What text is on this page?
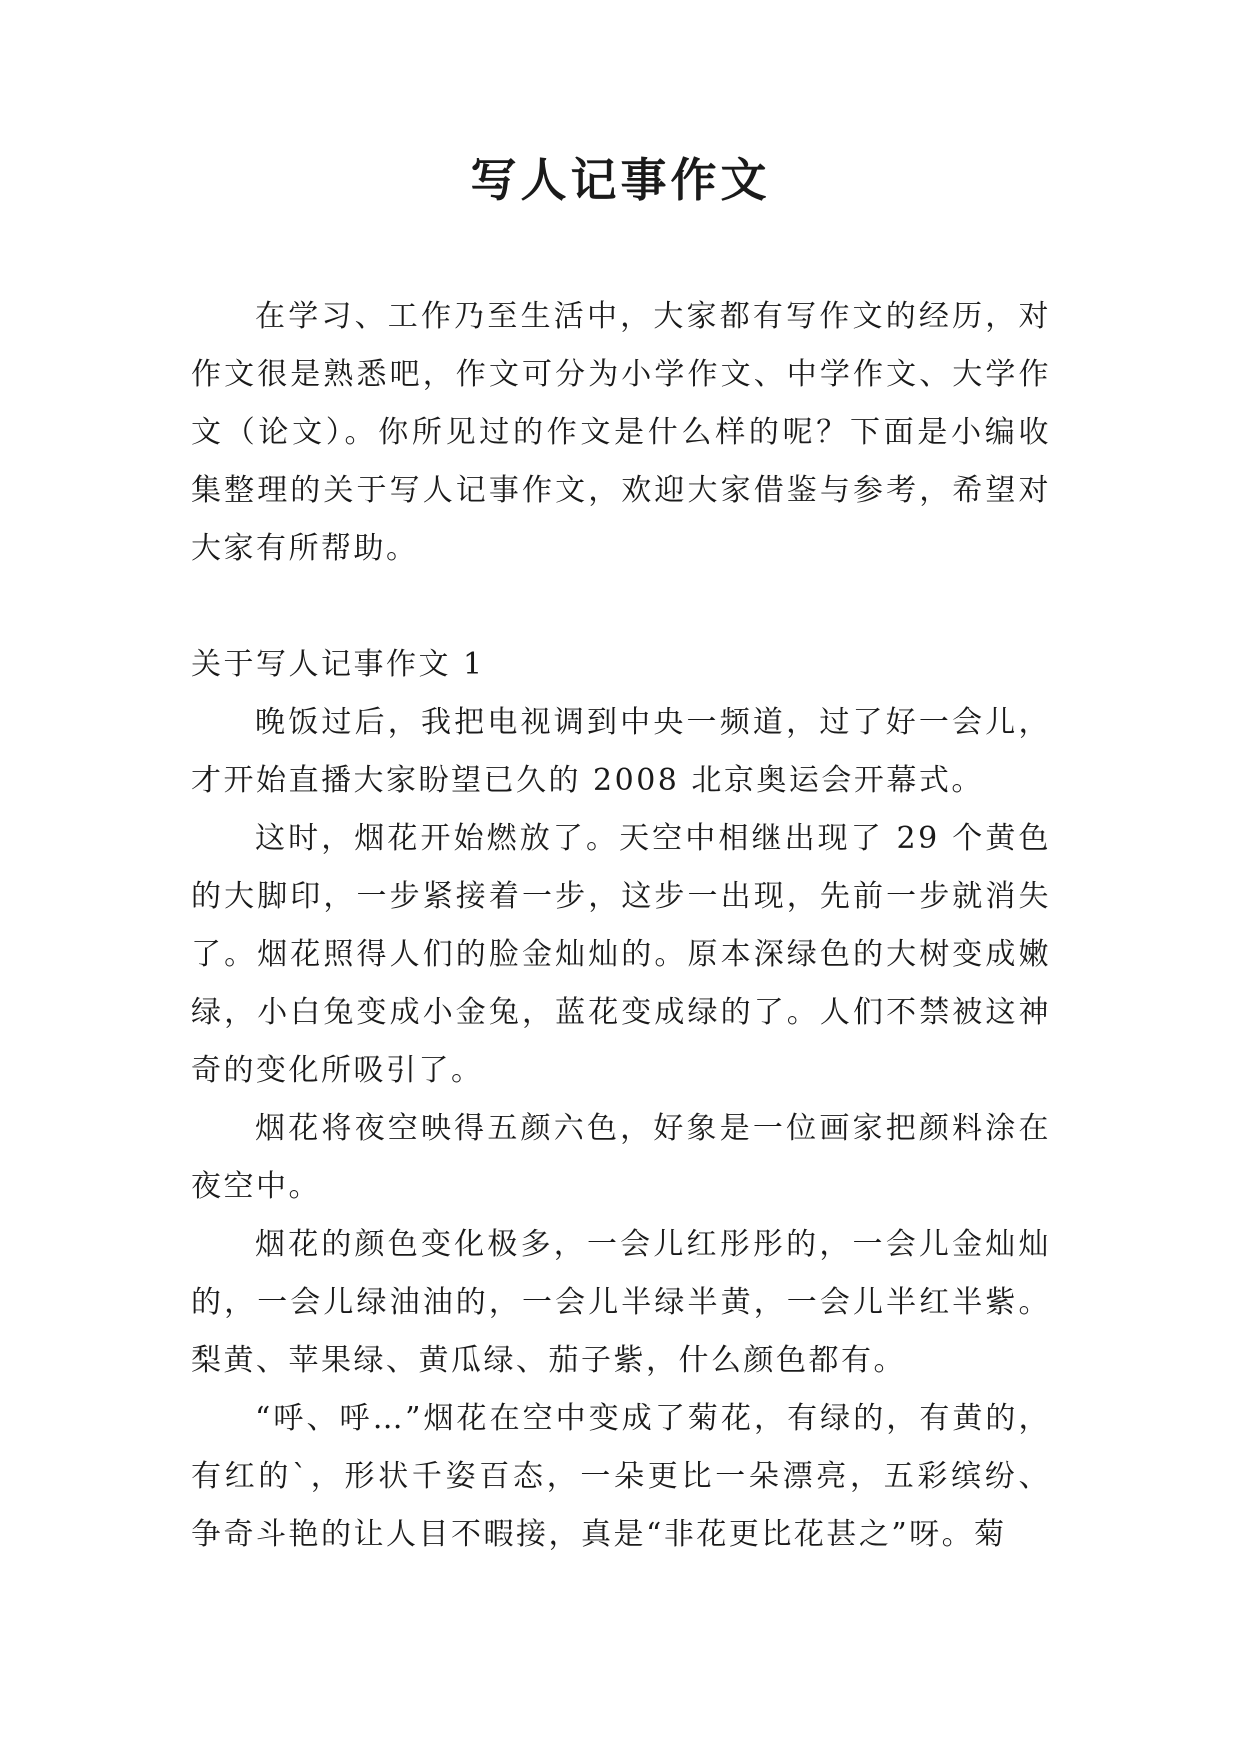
写人记事作文

在学习、工作乃至生活中，大家都有写作文的经历，对作文很是熟悉吧，作文可分为小学作文、中学作文、大学作文（论文）。你所见过的作文是什么样的呢？下面是小编收集整理的关于写人记事作文，欢迎大家借鉴与参考，希望对大家有所帮助。

关于写人记事作文 1

晚饭过后，我把电视调到中央一频道，过了好一会儿，才开始直播大家盼望已久的 2008 北京奥运会开幕式。

这时，烟花开始燃放了。天空中相继出现了 29 个黄色的大脚印，一步紧接着一步，这步一出现，先前一步就消失了。烟花照得人们的脸金灿灿的。原本深绿色的大树变成嫩绿，小白兔变成小金兔，蓝花变成绿的了。人们不禁被这神奇的变化所吸引了。

烟花将夜空映得五颜六色，好象是一位画家把颜料涂在夜空中。

烟花的颜色变化极多，一会儿红彤彤的，一会儿金灿灿的，一会儿绿油油的，一会儿半绿半黄，一会儿半红半紫。梨黄、苹果绿、黄瓜绿、茄子紫，什么颜色都有。

“呼、呼…”烟花在空中变成了菊花，有绿的，有黄的，有红的`，形状千姿百态，一朵更比一朵漂亮，五彩缤纷、争奇斗艳的让人目不暇接，真是“非花更比花甚之”呀。菊
